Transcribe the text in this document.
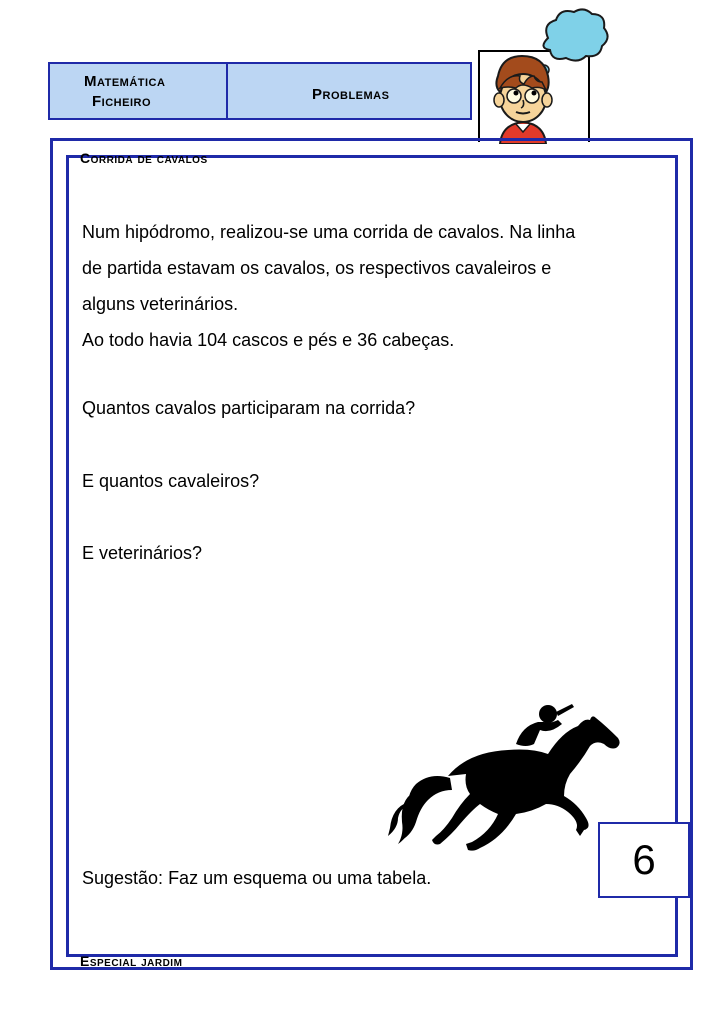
Matemática
Ficheiro	Problemas
Corrida de cavalos
Num hipódromo, realizou-se uma corrida de cavalos. Na linha
de partida estavam os cavalos, os respectivos cavaleiros e
alguns veterinários.
Ao todo havia 104 cascos e pés e 36 cabeças.
Quantos cavalos participaram na corrida?
E quantos cavaleiros?
E veterinários?
Sugestão: Faz um esquema ou uma tabela.	6
Especial jardim
